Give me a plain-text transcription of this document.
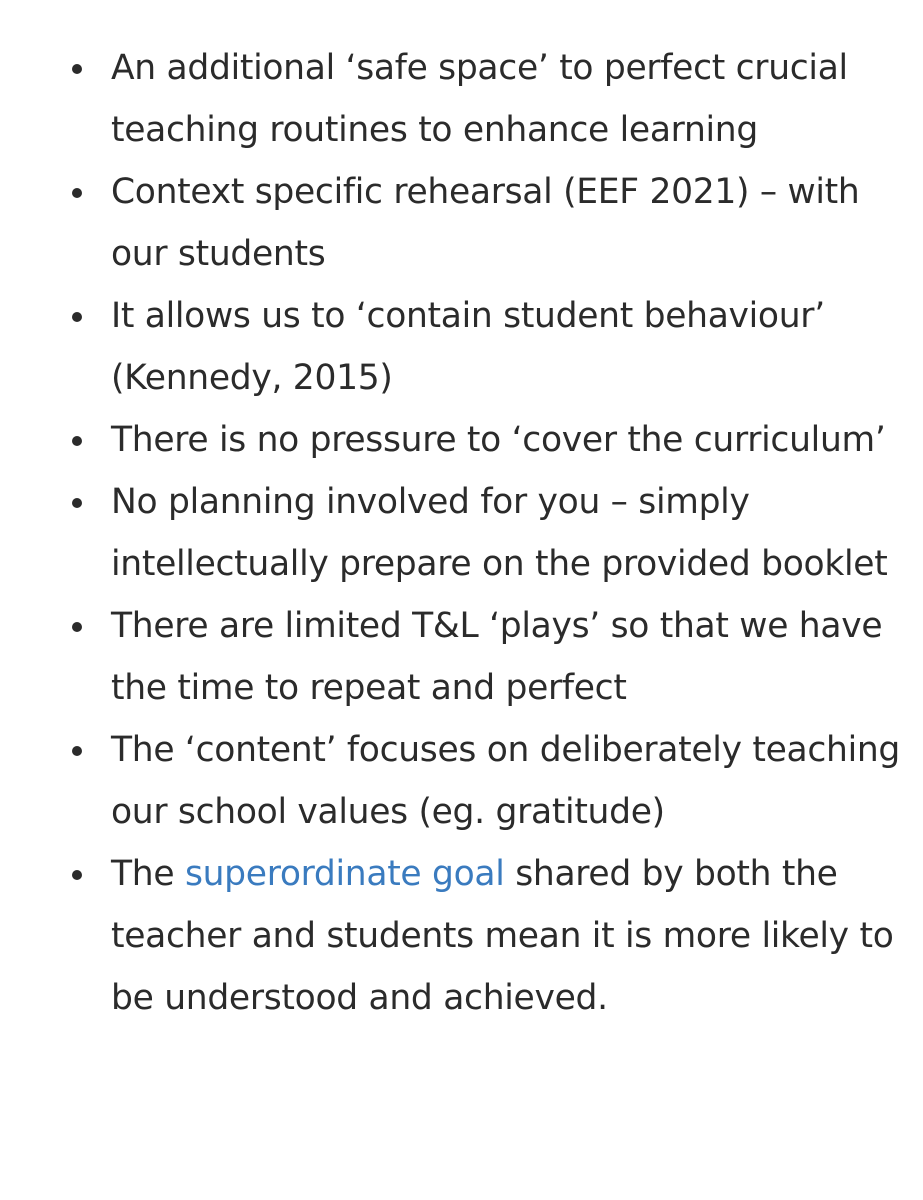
An additional ‘safe space’ to perfect crucial teaching routines to enhance learning
Context specific rehearsal (EEF 2021) – with our students
It allows us to ‘contain student behaviour’ (Kennedy, 2015)
There is no pressure to ‘cover the curriculum’
No planning involved for you – simply intellectually prepare on the provided booklet
There are limited T&L ‘plays’ so that we have the time to repeat and perfect
The ‘content’ focuses on deliberately teaching our school values (eg. gratitude)
The superordinate goal shared by both the teacher and students mean it is more likely to be understood and achieved.
